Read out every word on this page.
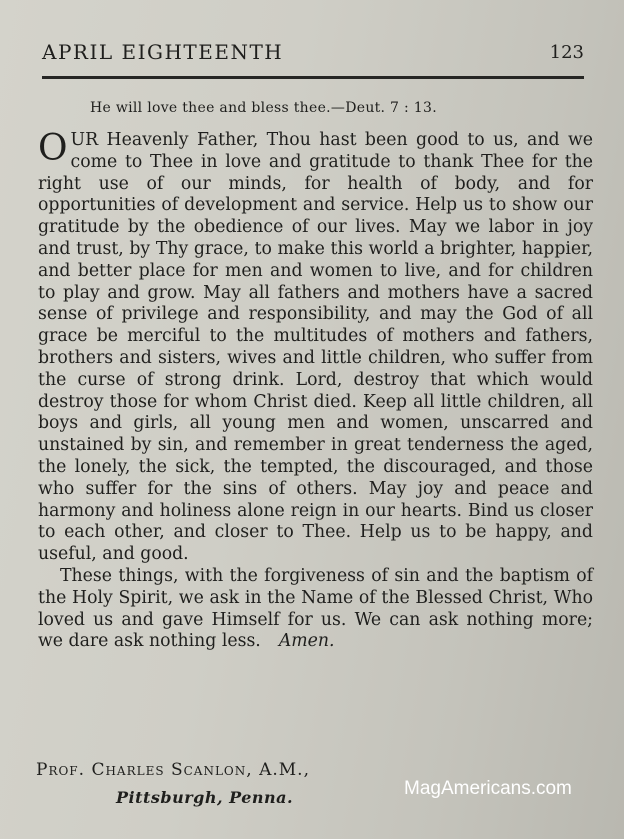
APRIL EIGHTEENTH	123
He will love thee and bless thee.—Deut. 7 : 13.

OUR Heavenly Father, Thou hast been good to us, and we come to Thee in love and gratitude to thank Thee for the right use of our minds, for health of body, and for opportunities of development and service. Help us to show our gratitude by the obedience of our lives. May we labor in joy and trust, by Thy grace, to make this world a brighter, happier, and better place for men and women to live, and for children to play and grow. May all fathers and mothers have a sacred sense of privilege and responsibility, and may the God of all grace be merciful to the multitudes of mothers and fathers, brothers and sisters, wives and little children, who suffer from the curse of strong drink. Lord, destroy that which would destroy those for whom Christ died. Keep all little children, all boys and girls, all young men and women, unscarred and unstained by sin, and remember in great tenderness the aged, the lonely, the sick, the tempted, the discouraged, and those who suffer for the sins of others. May joy and peace and harmony and holiness alone reign in our hearts. Bind us closer to each other, and closer to Thee. Help us to be happy, and useful, and good.

These things, with the forgiveness of sin and the baptism of the Holy Spirit, we ask in the Name of the Blessed Christ, Who loved us and gave Himself for us. We can ask nothing more; we dare ask nothing less. Amen.

Prof. Charles Scanlon, A.M.,
Pittsburgh, Penna.	MagAmericans.com
